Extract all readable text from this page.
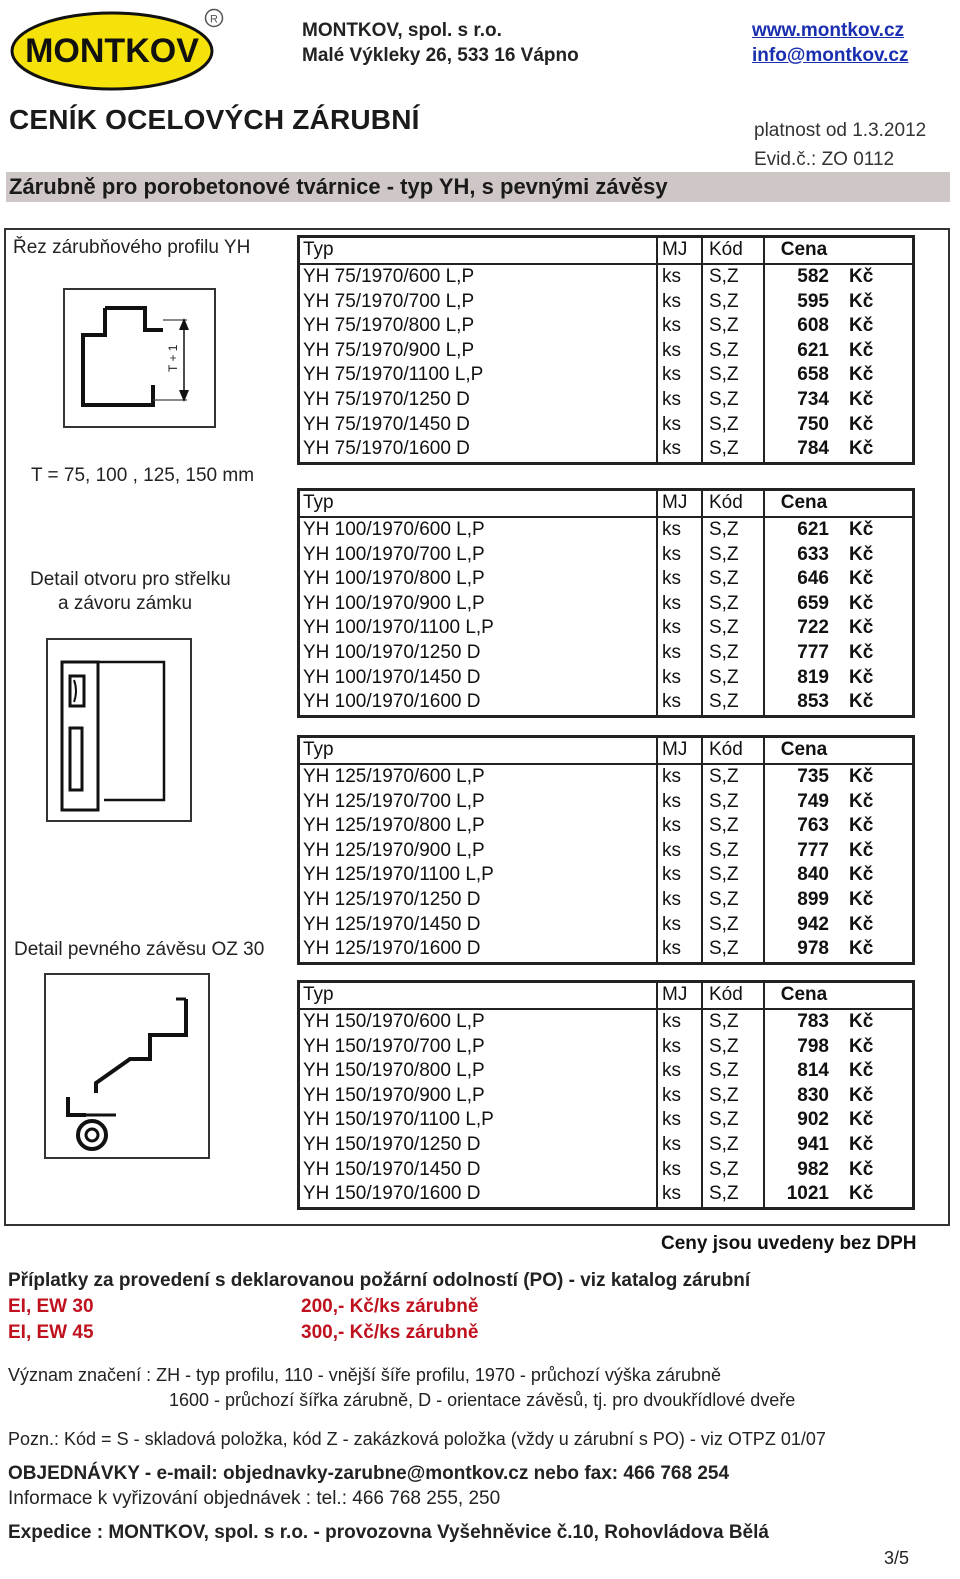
MONTKOV
R
MONTKOV, spol. s r.o.
Malé Výkleky 26, 533 16 Vápno
www.montkov.cz
info@montkov.cz
CENÍK OCELOVÝCH ZÁRUBNÍ	platnost od 1.3.2012
Evid.č.: ZO 0112
Zárubně pro porobetonové tvárnice - typ YH, s pevnými závěsy
Řez zárubňového profilu YH
T + 1
T = 75, 100 , 125, 150 mm
Detail otvoru pro střelku
a závoru zámku
Detail pevného závěsu OZ 30
Typ	MJ	Kód	Cena
YH 75/1970/600 L,P	ks	S,Z	582	Kč
YH 75/1970/700 L,P	ks	S,Z	595	Kč
YH 75/1970/800 L,P	ks	S,Z	608	Kč
YH 75/1970/900 L,P	ks	S,Z	621	Kč
YH 75/1970/1100 L,P	ks	S,Z	658	Kč
YH 75/1970/1250 D	ks	S,Z	734	Kč
YH 75/1970/1450 D	ks	S,Z	750	Kč
YH 75/1970/1600 D	ks	S,Z	784	Kč
Typ	MJ	Kód	Cena
YH 100/1970/600 L,P	ks	S,Z	621	Kč
YH 100/1970/700 L,P	ks	S,Z	633	Kč
YH 100/1970/800 L,P	ks	S,Z	646	Kč
YH 100/1970/900 L,P	ks	S,Z	659	Kč
YH 100/1970/1100 L,P	ks	S,Z	722	Kč
YH 100/1970/1250 D	ks	S,Z	777	Kč
YH 100/1970/1450 D	ks	S,Z	819	Kč
YH 100/1970/1600 D	ks	S,Z	853	Kč
Typ	MJ	Kód	Cena
YH 125/1970/600 L,P	ks	S,Z	735	Kč
YH 125/1970/700 L,P	ks	S,Z	749	Kč
YH 125/1970/800 L,P	ks	S,Z	763	Kč
YH 125/1970/900 L,P	ks	S,Z	777	Kč
YH 125/1970/1100 L,P	ks	S,Z	840	Kč
YH 125/1970/1250 D	ks	S,Z	899	Kč
YH 125/1970/1450 D	ks	S,Z	942	Kč
YH 125/1970/1600 D	ks	S,Z	978	Kč
Typ	MJ	Kód	Cena
YH 150/1970/600 L,P	ks	S,Z	783	Kč
YH 150/1970/700 L,P	ks	S,Z	798	Kč
YH 150/1970/800 L,P	ks	S,Z	814	Kč
YH 150/1970/900 L,P	ks	S,Z	830	Kč
YH 150/1970/1100 L,P	ks	S,Z	902	Kč
YH 150/1970/1250 D	ks	S,Z	941	Kč
YH 150/1970/1450 D	ks	S,Z	982	Kč
YH 150/1970/1600 D	ks	S,Z	1021	Kč
Ceny jsou uvedeny bez DPH
Příplatky za provedení s deklarovanou požární odolností (PO) - viz katalog zárubní
EI, EW 30	200,- Kč/ks zárubně
EI, EW 45	300,- Kč/ks zárubně
Význam značení : ZH - typ profilu, 110 - vnější šíře profilu, 1970 - průchozí výška zárubně
1600 - průchozí šířka zárubně, D - orientace závěsů, tj. pro dvoukřídlové dveře
Pozn.: Kód = S - skladová položka, kód Z - zakázková položka (vždy u zárubní s PO) - viz OTPZ 01/07
OBJEDNÁVKY - e-mail: objednavky-zarubne@montkov.cz nebo fax: 466 768 254
Informace k vyřizování objednávek : tel.: 466 768 255, 250
Expedice : MONTKOV, spol. s r.o. - provozovna Vyšehněvice č.10, Rohovládova Bělá
3/5
